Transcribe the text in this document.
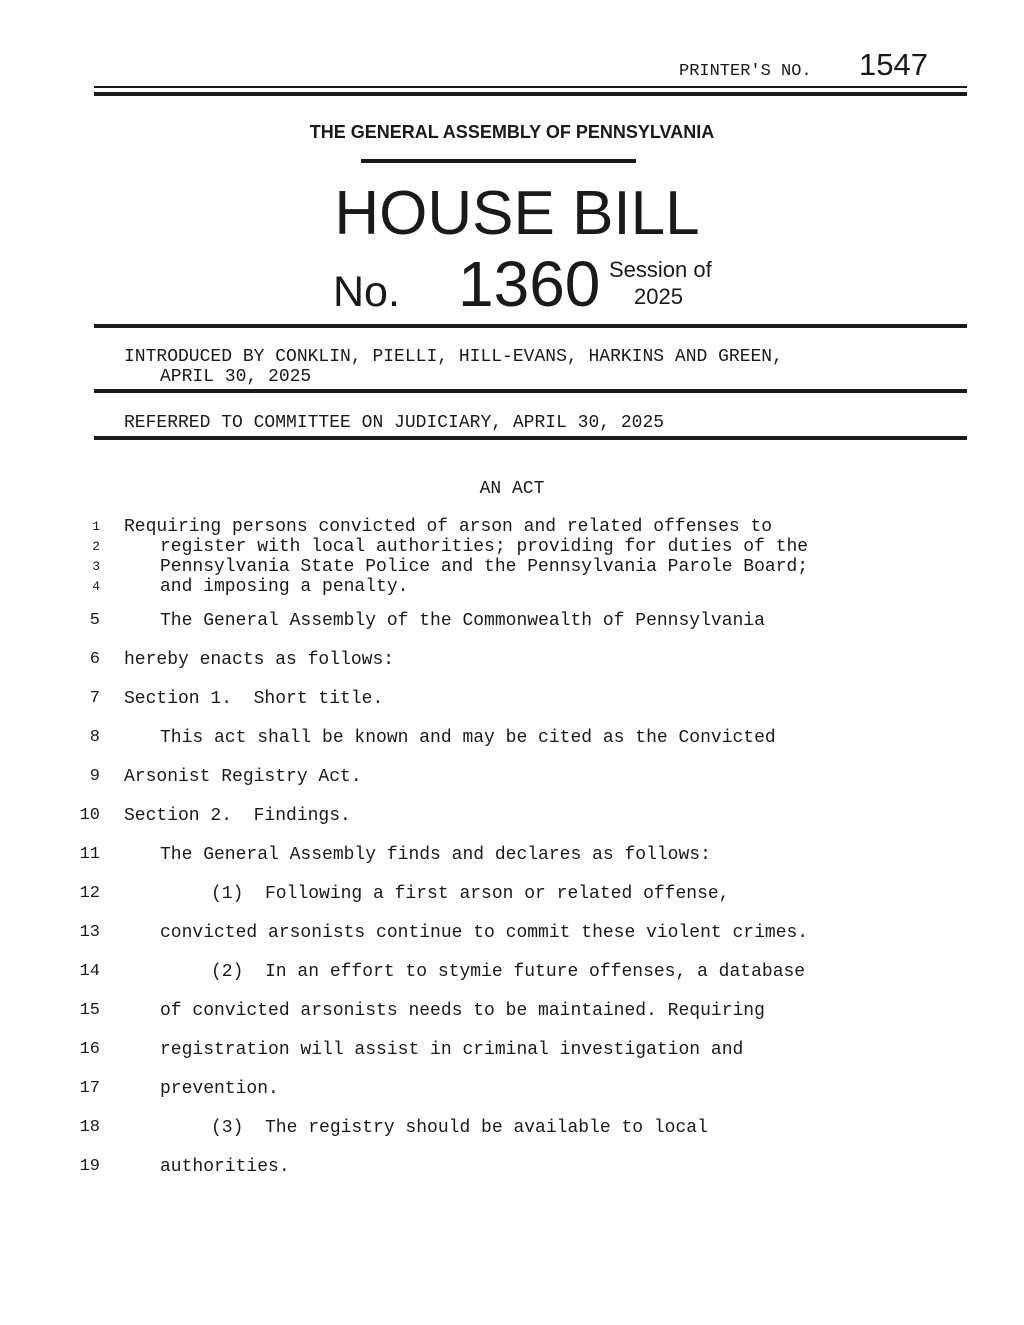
PRINTER'S NO. 1547
THE GENERAL ASSEMBLY OF PENNSYLVANIA
HOUSE BILL
No. 1360 Session of
2025
INTRODUCED BY CONKLIN, PIELLI, HILL-EVANS, HARKINS AND GREEN,
APRIL 30, 2025
REFERRED TO COMMITTEE ON JUDICIARY, APRIL 30, 2025
AN ACT
1 Requiring persons convicted of arson and related offenses to
2	register with local authorities; providing for duties of the
3	Pennsylvania State Police and the Pennsylvania Parole Board;
4	and imposing a penalty.
5	The General Assembly of the Commonwealth of Pennsylvania
6 hereby enacts as follows:
7 Section 1.  Short title.
8	This act shall be known and may be cited as the Convicted
9 Arsonist Registry Act.
10 Section 2.  Findings.
11	The General Assembly finds and declares as follows:
12	(1)  Following a first arson or related offense,
13	convicted arsonists continue to commit these violent crimes.
14	(2)  In an effort to stymie future offenses, a database
15	of convicted arsonists needs to be maintained. Requiring
16	registration will assist in criminal investigation and
17	prevention.
18	(3)  The registry should be available to local
19	authorities.
